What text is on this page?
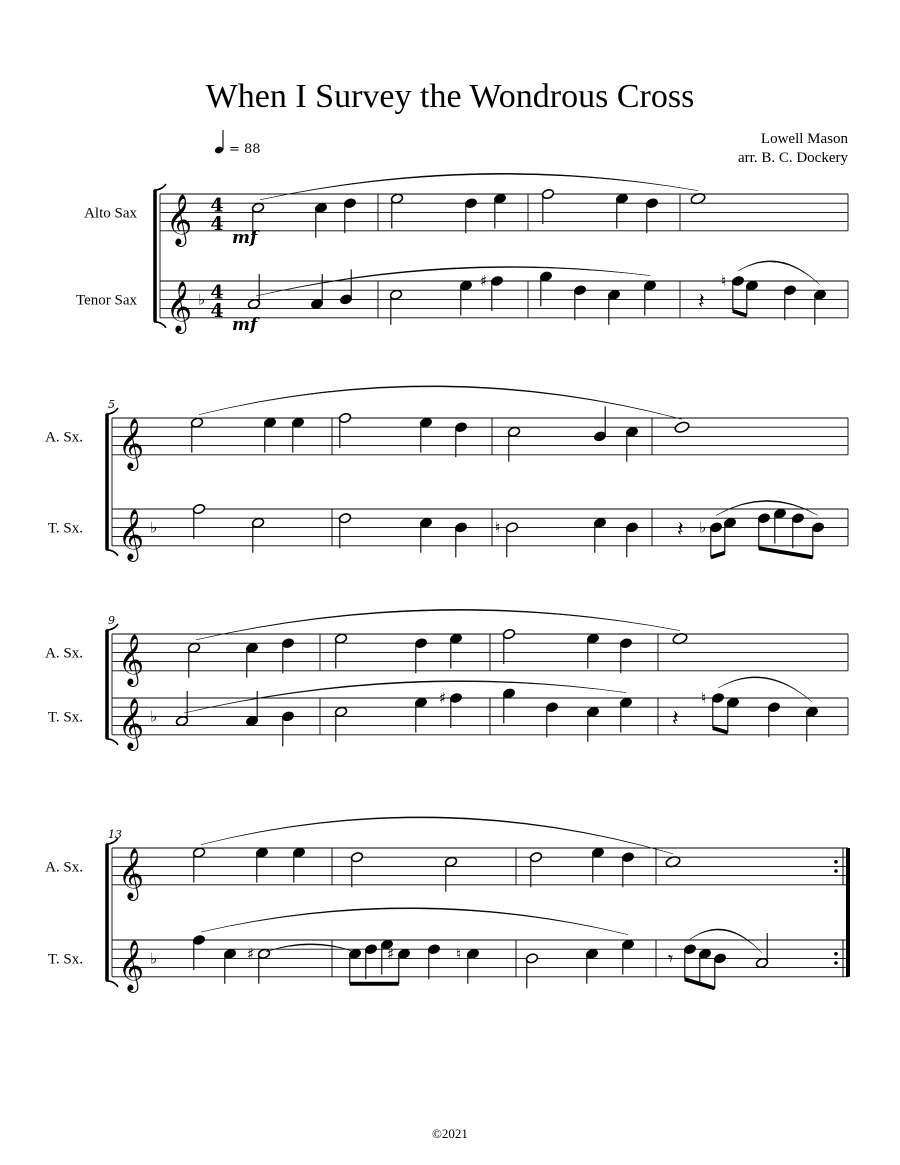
When I Survey the Wondrous Cross
Lowell Mason
arr. B. C. Dockery
𝄞
𝄞 ♭
Alto Sax
Tenor Sax
𝄞
𝄞 ♭
A. Sx.
T. Sx.
5
𝄞
𝄞 ♭
A. Sx.
T. Sx.
9
𝄞
𝄞 ♭
A. Sx.
T. Sx.
13
4
4
4
4
= 88
mf
mf
♯
𝄽
♮
♮	𝄽 ♭
♯
𝄽
♮
♯	♯	♮	𝄾
©2021
